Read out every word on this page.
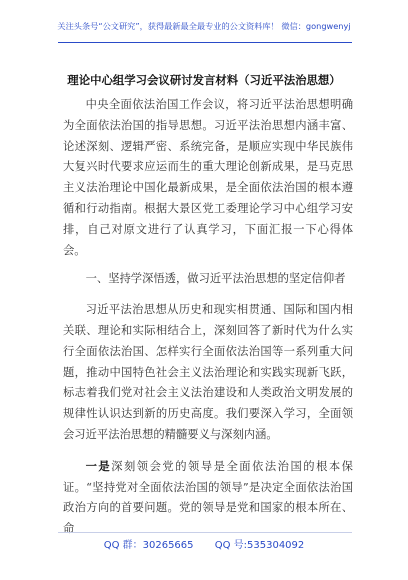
关注头条号“公文研究”，获得最新最全最专业的公文资料库！ 微信：gongwenyj
理论中心组学习会议研讨发言材料（习近平法治思想）

中央全面依法治国工作会议，将习近平法治思想明确为全面依法治国的指导思想。习近平法治思想内涵丰富、论述深刻、逻辑严密、系统完备，是顺应实现中华民族伟大复兴时代要求应运而生的重大理论创新成果，是马克思主义法治理论中国化最新成果，是全面依法治国的根本遵循和行动指南。根据大景区党工委理论学习中心组学习安排，自己对原文进行了认真学习，下面汇报一下心得体会。

一、坚持学深悟透，做习近平法治思想的坚定信仰者

习近平法治思想从历史和现实相贯通、国际和国内相关联、理论和实际相结合上，深刻回答了新时代为什么实行全面依法治国、怎样实行全面依法治国等一系列重大问题，推动中国特色社会主义法治理论和实践实现新飞跃，标志着我们党对社会主义法治建设和人类政治文明发展的规律性认识达到新的历史高度。我们要深入学习，全面领会习近平法治思想的精髓要义与深刻内涵。

一是深刻领会党的领导是全面依法治国的根本保证。“坚持党对全面依法治国的领导”是决定全面依法治国政治方向的首要问题。党的领导是党和国家的根本所在、命

QQ 群：30265665 QQ 号:535304092
